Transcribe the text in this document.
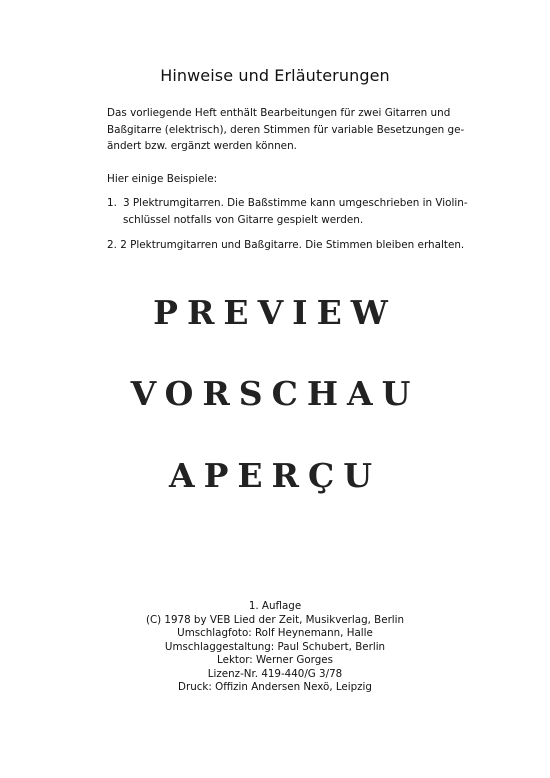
Hinweise und Erläuterungen
Das vorliegende Heft enthält Bearbeitungen für zwei Gitarren und
Baßgitarre (elektrisch), deren Stimmen für variable Besetzungen ge-
ändert bzw. ergänzt werden können.
Hier einige Beispiele:
1. 3 Plektrumgitarren. Die Baßstimme kann umgeschrieben in Violin-
schlüssel notfalls von Gitarre gespielt werden.
2. 2 Plektrumgitarren und Baßgitarre. Die Stimmen bleiben erhalten.
PREVIEW
VORSCHAU
APERÇU
1. Auflage
(C) 1978 by VEB Lied der Zeit, Musikverlag, Berlin
Umschlagfoto: Rolf Heynemann, Halle
Umschlaggestaltung: Paul Schubert, Berlin
Lektor: Werner Gorges
Lizenz-Nr. 419-440/G 3/78
Druck: Offizin Andersen Nexö, Leipzig
